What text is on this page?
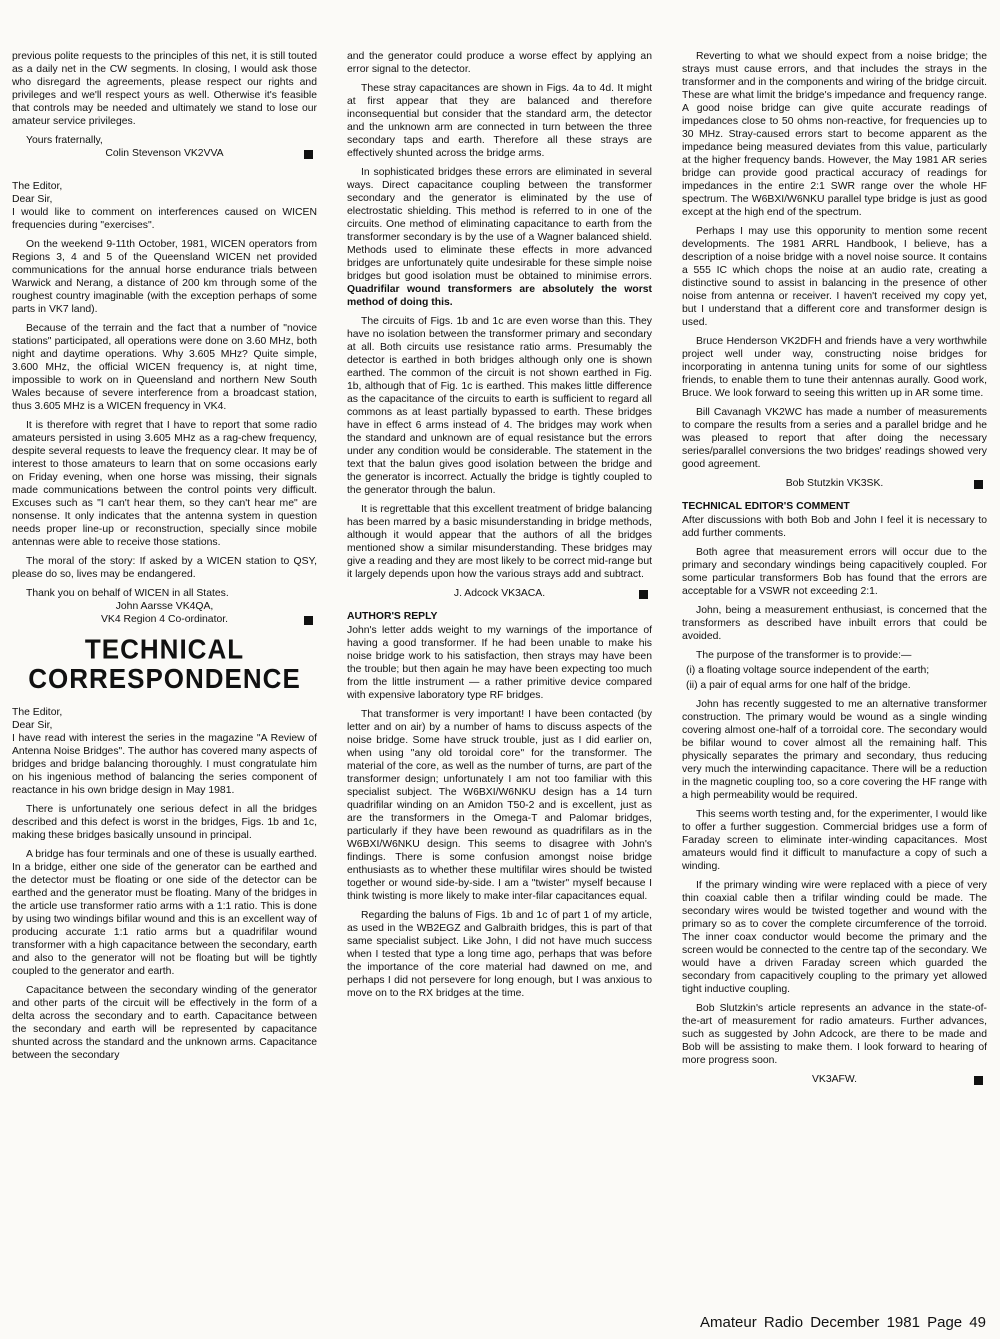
previous polite requests to the principles of this net, it is still touted as a daily net in the CW segments. In closing, I would ask those who disregard the agreements, please respect our rights and privileges and we'll respect yours as well. Otherwise it's feasible that controls may be needed and ultimately we stand to lose our amateur service privileges.

Yours fraternally,
Colin Stevenson VK2VVA

The Editor,

Dear Sir,

I would like to comment on interferences caused on WICEN frequencies during "exercises".

On the weekend 9-11th October, 1981, WICEN operators from Regions 3, 4 and 5 of the Queensland WICEN net provided communications for the annual horse endurance trials between Warwick and Nerang, a distance of 200 km through some of the roughest country imaginable (with the exception perhaps of some parts in VK7 land).

Because of the terrain and the fact that a number of "novice stations" participated, all operations were done on 3.60 MHz, both night and daytime operations. Why 3.605 MHz? Quite simple, 3.600 MHz, the official WICEN frequency is, at night time, impossible to work on in Queensland and northern New South Wales because of severe interference from a broadcast station, thus 3.605 MHz is a WICEN frequency in VK4.

It is therefore with regret that I have to report that some radio amateurs persisted in using 3.605 MHz as a rag-chew frequency, despite several requests to leave the frequency clear. It may be of interest to those amateurs to learn that on some occasions early on Friday evening, when one horse was missing, their signals made communications between the control points very difficult. Excuses such as "I can't hear them, so they can't hear me" are nonsense. It only indicates that the antenna system in question needs proper line-up or reconstruction, specially since mobile antennas were able to receive those stations.

The moral of the story: If asked by a WICEN station to QSY, please do so, lives may be endangered.

Thank you on behalf of WICEN in all States.
John Aarsse VK4QA,
VK4 Region 4 Co-ordinator.
TECHNICAL
CORRESPONDENCE

The Editor,

Dear Sir,

I have read with interest the series in the magazine "A Review of Antenna Noise Bridges". The author has covered many aspects of bridges and bridge balancing thoroughly. I must congratulate him on his ingenious method of balancing the series component of reactance in his own bridge design in May 1981.

There is unfortunately one serious defect in all the bridges described and this defect is worst in the bridges, Figs. 1b and 1c, making these bridges basically unsound in principal.

A bridge has four terminals and one of these is usually earthed. In a bridge, either one side of the generator can be earthed and the detector must be floating or one side of the detector can be earthed and the generator must be floating. Many of the bridges in the article use transformer ratio arms with a 1:1 ratio. This is done by using two windings bifilar wound and this is an excellent way of producing accurate 1:1 ratio arms but a quadrifilar wound transformer with a high capacitance between the secondary, earth and also to the generator will not be floating but will be tightly coupled to the generator and earth.

Capacitance between the secondary winding of the generator and other parts of the circuit will be effectively in the form of a delta across the secondary and to earth. Capacitance between the secondary and earth will be represented by capacitance shunted across the standard and the unknown arms. Capacitance between the secondary

and the generator could produce a worse effect by applying an error signal to the detector.

These stray capacitances are shown in Figs. 4a to 4d. It might at first appear that they are balanced and therefore inconsequential but consider that the standard arm, the detector and the unknown arm are connected in turn between the three secondary taps and earth. Therefore all these strays are effectively shunted across the bridge arms.

In sophisticated bridges these errors are eliminated in several ways. Direct capacitance coupling between the transformer secondary and the generator is eliminated by the use of electrostatic shielding. This method is referred to in one of the circuits. One method of eliminating capacitance to earth from the transformer secondary is by the use of a Wagner balanced shield. Methods used to eliminate these effects in more advanced bridges are unfortunately quite undesirable for these simple noise bridges but good isolation must be obtained to minimise errors. Quadrifilar wound transformers are absolutely the worst method of doing this.

The circuits of Figs. 1b and 1c are even worse than this. They have no isolation between the transformer primary and secondary at all. Both circuits use resistance ratio arms. Presumably the detector is earthed in both bridges although only one is shown earthed. The common of the circuit is not shown earthed in Fig. 1b, although that of Fig. 1c is earthed. This makes little difference as the capacitance of the circuits to earth is sufficient to regard all commons as at least partially bypassed to earth. These bridges have in effect 6 arms instead of 4. The bridges may work when the standard and unknown are of equal resistance but the errors under any condition would be considerable. The statement in the text that the balun gives good isolation between the bridge and the generator is incorrect. Actually the bridge is tightly coupled to the generator through the balun.

It is regrettable that this excellent treatment of bridge balancing has been marred by a basic misunderstanding in bridge methods, although it would appear that the authors of all the bridges mentioned show a similar misunderstanding. These bridges may give a reading and they are most likely to be correct mid-range but it largely depends upon how the various strays add and subtract.

J. Adcock VK3ACA.

AUTHOR'S REPLY

John's letter adds weight to my warnings of the importance of having a good transformer. If he had been unable to make his noise bridge work to his satisfaction, then strays may have been the trouble; but then again he may have been expecting too much from the little instrument — a rather primitive device compared with expensive laboratory type RF bridges.

That transformer is very important! I have been contacted (by letter and on air) by a number of hams to discuss aspects of the noise bridge. Some have struck trouble, just as I did earlier on, when using "any old toroidal core" for the transformer. The material of the core, as well as the number of turns, are part of the transformer design; unfortunately I am not too familiar with this specialist subject. The W6BXI/W6NKU design has a 14 turn quadrifilar winding on an Amidon T50-2 and is excellent, just as are the transformers in the Omega-T and Palomar bridges, particularly if they have been rewound as quadrifilars as in the W6BXI/W6NKU design. This seems to disagree with John's findings. There is some confusion amongst noise bridge enthusiasts as to whether these multifilar wires should be twisted together or wound side-by-side. I am a "twister" myself because I think twisting is more likely to make inter-filar capacitances equal.

Regarding the baluns of Figs. 1b and 1c of part 1 of my article, as used in the WB2EGZ and Galbraith bridges, this is part of that same specialist subject. Like John, I did not have much success when I tested that type a long time ago, perhaps that was before the importance of the core material had dawned on me, and perhaps I did not persevere for long enough, but I was anxious to move on to the RX bridges at the time.

Reverting to what we should expect from a noise bridge; the strays must cause errors, and that includes the strays in the transformer and in the components and wiring of the bridge circuit. These are what limit the bridge's impedance and frequency range. A good noise bridge can give quite accurate readings of impedances close to 50 ohms non-reactive, for frequencies up to 30 MHz. Stray-caused errors start to become apparent as the impedance being measured deviates from this value, particularly at the higher frequency bands. However, the May 1981 AR series bridge can provide good practical accuracy of readings for impedances in the entire 2:1 SWR range over the whole HF spectrum. The W6BXI/W6NKU parallel type bridge is just as good except at the high end of the spectrum.

Perhaps I may use this opporunity to mention some recent developments. The 1981 ARRL Handbook, I believe, has a description of a noise bridge with a novel noise source. It contains a 555 IC which chops the noise at an audio rate, creating a distinctive sound to assist in balancing in the presence of other noise from antenna or receiver. I haven't received my copy yet, but I understand that a different core and transformer design is used.

Bruce Henderson VK2DFH and friends have a very worthwhile project well under way, constructing noise bridges for incorporating in antenna tuning units for some of our sightless friends, to enable them to tune their antennas aurally. Good work, Bruce. We look forward to seeing this written up in AR some time.

Bill Cavanagh VK2WC has made a number of measurements to compare the results from a series and a parallel bridge and he was pleased to report that after doing the necessary series/parallel conversions the two bridges' readings showed very good agreement.

Bob Stutzkin VK3SK.

TECHNICAL EDITOR'S COMMENT

After discussions with both Bob and John I feel it is necessary to add further comments.

Both agree that measurement errors will occur due to the primary and secondary windings being capacitively coupled. For some particular transformers Bob has found that the errors are acceptable for a VSWR not exceeding 2:1.

John, being a measurement enthusiast, is concerned that the transformers as described have inbuilt errors that could be avoided.

The purpose of the transformer is to provide:—

(i) a floating voltage source independent of the earth;

(ii) a pair of equal arms for one half of the bridge.

John has recently suggested to me an alternative transformer construction. The primary would be wound as a single winding covering almost one-half of a torroidal core. The secondary would be bifilar wound to cover almost all the remaining half. This physically separates the primary and secondary, thus reducing very much the interwinding capacitance. There will be a reduction in the magnetic coupling too, so a core covering the HF range with a high permeability would be required.

This seems worth testing and, for the experimenter, I would like to offer a further suggestion. Commercial bridges use a form of Faraday screen to eliminate inter-winding capacitances. Most amateurs would find it difficult to manufacture a copy of such a winding.

If the primary winding wire were replaced with a piece of very thin coaxial cable then a trifilar winding could be made. The secondary wires would be twisted together and wound with the primary so as to cover the complete circumference of the torroid. The inner coax conductor would become the primary and the screen would be connected to the centre tap of the secondary. We would have a driven Faraday screen which guarded the secondary from capacitively coupling to the primary yet allowed tight inductive coupling.

Bob Slutzkin's article represents an advance in the state-of-the-art of measurement for radio amateurs. Further advances, such as suggested by John Adcock, are there to be made and Bob will be assisting to make them. I look forward to hearing of more progress soon.

VK3AFW.
Amateur Radio December 1981 Page 49
